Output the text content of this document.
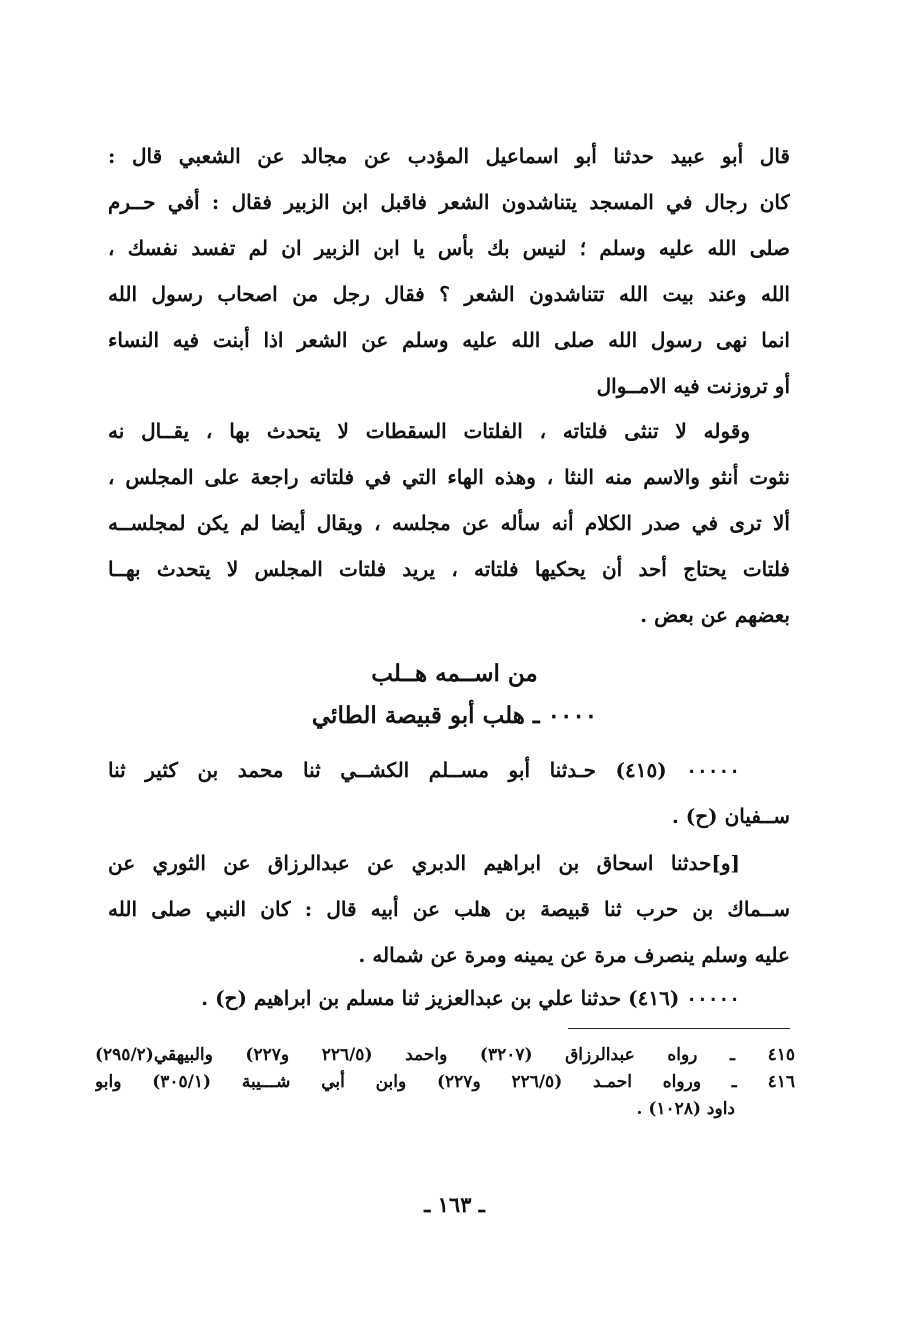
قال أبو عبيد حدثنا أبو اسماعيل المؤدب عن مجالد عن الشعبي قال :
كان رجال في المسجد يتناشدون الشعر فاقبل ابن الزبير فقال : أفي حــرم
صلى الله عليه وسلم ؛ لنيس بك بأس يا ابن الزبير ان لم تفسد نفسك ،
الله وعند بيت الله تتناشدون الشعر ؟ فقال رجل من اصحاب رسول الله
انما نهى رسول الله صلى الله عليه وسلم عن الشعر اذا أبنت فيه النساء
أو تروزنت فيه الامــوال
وقوله لا تنثى فلتاته ، الفلتات السقطات لا يتحدث بها ، يقــال نه
نثوت أنثو والاسم منه النثا ، وهذه الهاء التي في فلتاته راجعة على المجلس ،
ألا ترى في صدر الكلام أنه سأله عن مجلسه ، ويقال أيضا لم يكن لمجلســه
فلتات يحتاج أحد أن يحكيها فلتاته ، يريد فلتات المجلس لا يتحدث بهــا
بعضهم عن بعض .
من اســمه هــلب
٠٠٠٠ ـ هلب أبو قبيصة الطائي
٠٠٠٠٠ (٤١٥) حـدثنا أبو مســلم الكشــي ثنا محمد بن كثير ثنا
ســفيان (ح) .
[و]حدثنا اسحاق بن ابراهيم الدبري عن عبدالرزاق عن الثوري عن
ســماك بن حرب ثنا قبيصة بن هلب عن أبيه قال : كان النبي صلى الله
عليه وسلم ينصرف مرة عن يمينه ومرة عن شماله .
٠٠٠٠٠ (٤١٦) حدثنا علي بن عبدالعزيز ثنا مسلم بن ابراهيم (ح) .
٤١٥ ـ رواه عبدالرزاق (٣٢٠٧) واحمد (٢٢٦/٥ و٢٢٧) والبيهقي(٢٩٥/٢)
٤١٦ ـ ورواه احمـد (٢٢٦/٥ و٢٢٧) وابن أبي شـــيبة (٣٠٥/١) وابو
داود (١٠٢٨) .
ـ ١٦٣ ـ
